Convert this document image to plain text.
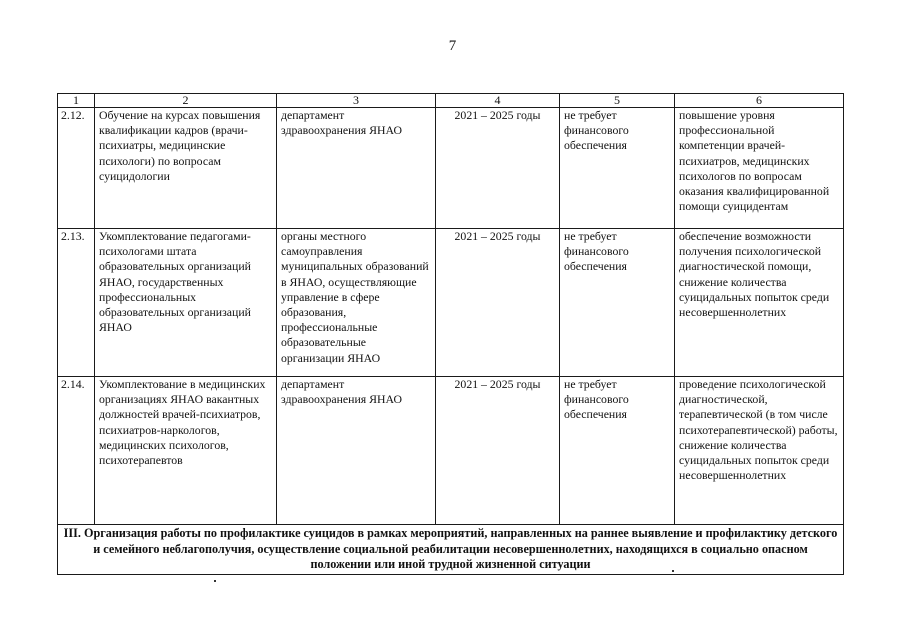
7
1	2	3	4	5	6
2.12.	Обучение на курсах повышения квалификации кадров (врачи-психиатры, медицинские психологи) по вопросам суицидологии	департамент здравоохранения ЯНАО	2021 – 2025 годы	не требует финансового обеспечения	повышение уровня профессиональной компетенции врачей-психиатров, медицинских психологов по вопросам оказания квалифицированной помощи суицидентам
2.13.	Укомплектование педагогами-психологами штата образовательных организаций ЯНАО, государственных профессиональных образовательных организаций ЯНАО	органы местного самоуправления муниципальных образований в ЯНАО, осуществляющие управление в сфере образования, профессиональные образовательные организации ЯНАО	2021 – 2025 годы	не требует финансового обеспечения	обеспечение возможности получения психологической диагностической помощи, снижение количества суицидальных попыток среди несовершеннолетних
2.14.	Укомплектование в медицинских организациях ЯНАО вакантных должностей врачей-психиатров, психиатров-наркологов, медицинских психологов, психотерапевтов	департамент здравоохранения ЯНАО	2021 – 2025 годы	не требует финансового обеспечения	проведение психологической диагностической, терапевтической (в том числе психотерапевтической) работы, снижение количества суицидальных попыток среди несовершеннолетних
III. Организация работы по профилактике суицидов в рамках мероприятий, направленных на раннее выявление и профилактику детского и семейного неблагополучия, осуществление социальной реабилитации несовершеннолетних, находящихся в социально опасном положении или иной трудной жизненной ситуации					
